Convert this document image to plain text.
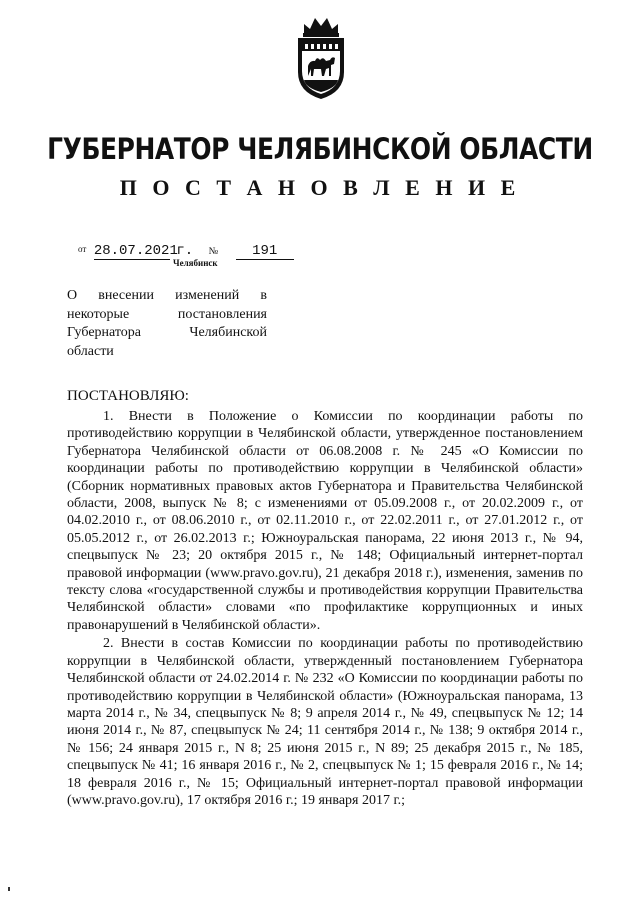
ГУБЕРНАТОР ЧЕЛЯБИНСКОЙ ОБЛАСТИ
П О С Т А Н О В Л Е Н И Е
от 28.07.2021 г. № 191
Челябинск
О внесении изменений в некоторые постановления Губернатора Челябинской области
ПОСТАНОВЛЯЮ:

1. Внести в Положение о Комиссии по координации работы по противодействию коррупции в Челябинской области, утвержденное постановлением Губернатора Челябинской области от 06.08.2008 г. № 245 «О Комиссии по координации работы по противодействию коррупции в Челябинской области» (Сборник нормативных правовых актов Губернатора и Правительства Челябинской области, 2008, выпуск № 8; с изменениями от 05.09.2008 г., от 20.02.2009 г., от 04.02.2010 г., от 08.06.2010 г., от 02.11.2010 г., от 22.02.2011 г., от 27.01.2012 г., от 05.05.2012 г., от 26.02.2013 г.; Южноуральская панорама, 22 июня 2013 г., № 94, спецвыпуск № 23; 20 октября 2015 г., № 148; Официальный интернет-портал правовой информации (www.pravo.gov.ru), 21 декабря 2018 г.), изменения, заменив по тексту слова «государственной службы и противодействия коррупции Правительства Челябинской области» словами «по профилактике коррупционных и иных правонарушений в Челябинской области».

2. Внести в состав Комиссии по координации работы по противодействию коррупции в Челябинской области, утвержденный постановлением Губернатора Челябинской области от 24.02.2014 г. № 232 «О Комиссии по координации работы по противодействию коррупции в Челябинской области» (Южноуральская панорама, 13 марта 2014 г., № 34, спецвыпуск № 8; 9 апреля 2014 г., № 49, спецвыпуск № 12; 14 июня 2014 г., № 87, спецвыпуск № 24; 11 сентября 2014 г., № 138; 9 октября 2014 г., № 156; 24 января 2015 г., N 8; 25 июня 2015 г., N 89; 25 декабря 2015 г., № 185, спецвыпуск № 41; 16 января 2016 г., № 2, спецвыпуск № 1; 15 февраля 2016 г., № 14; 18 февраля 2016 г., № 15; Официальный интернет-портал правовой информации (www.pravo.gov.ru), 17 октября 2016 г.; 19 января 2017 г.;
